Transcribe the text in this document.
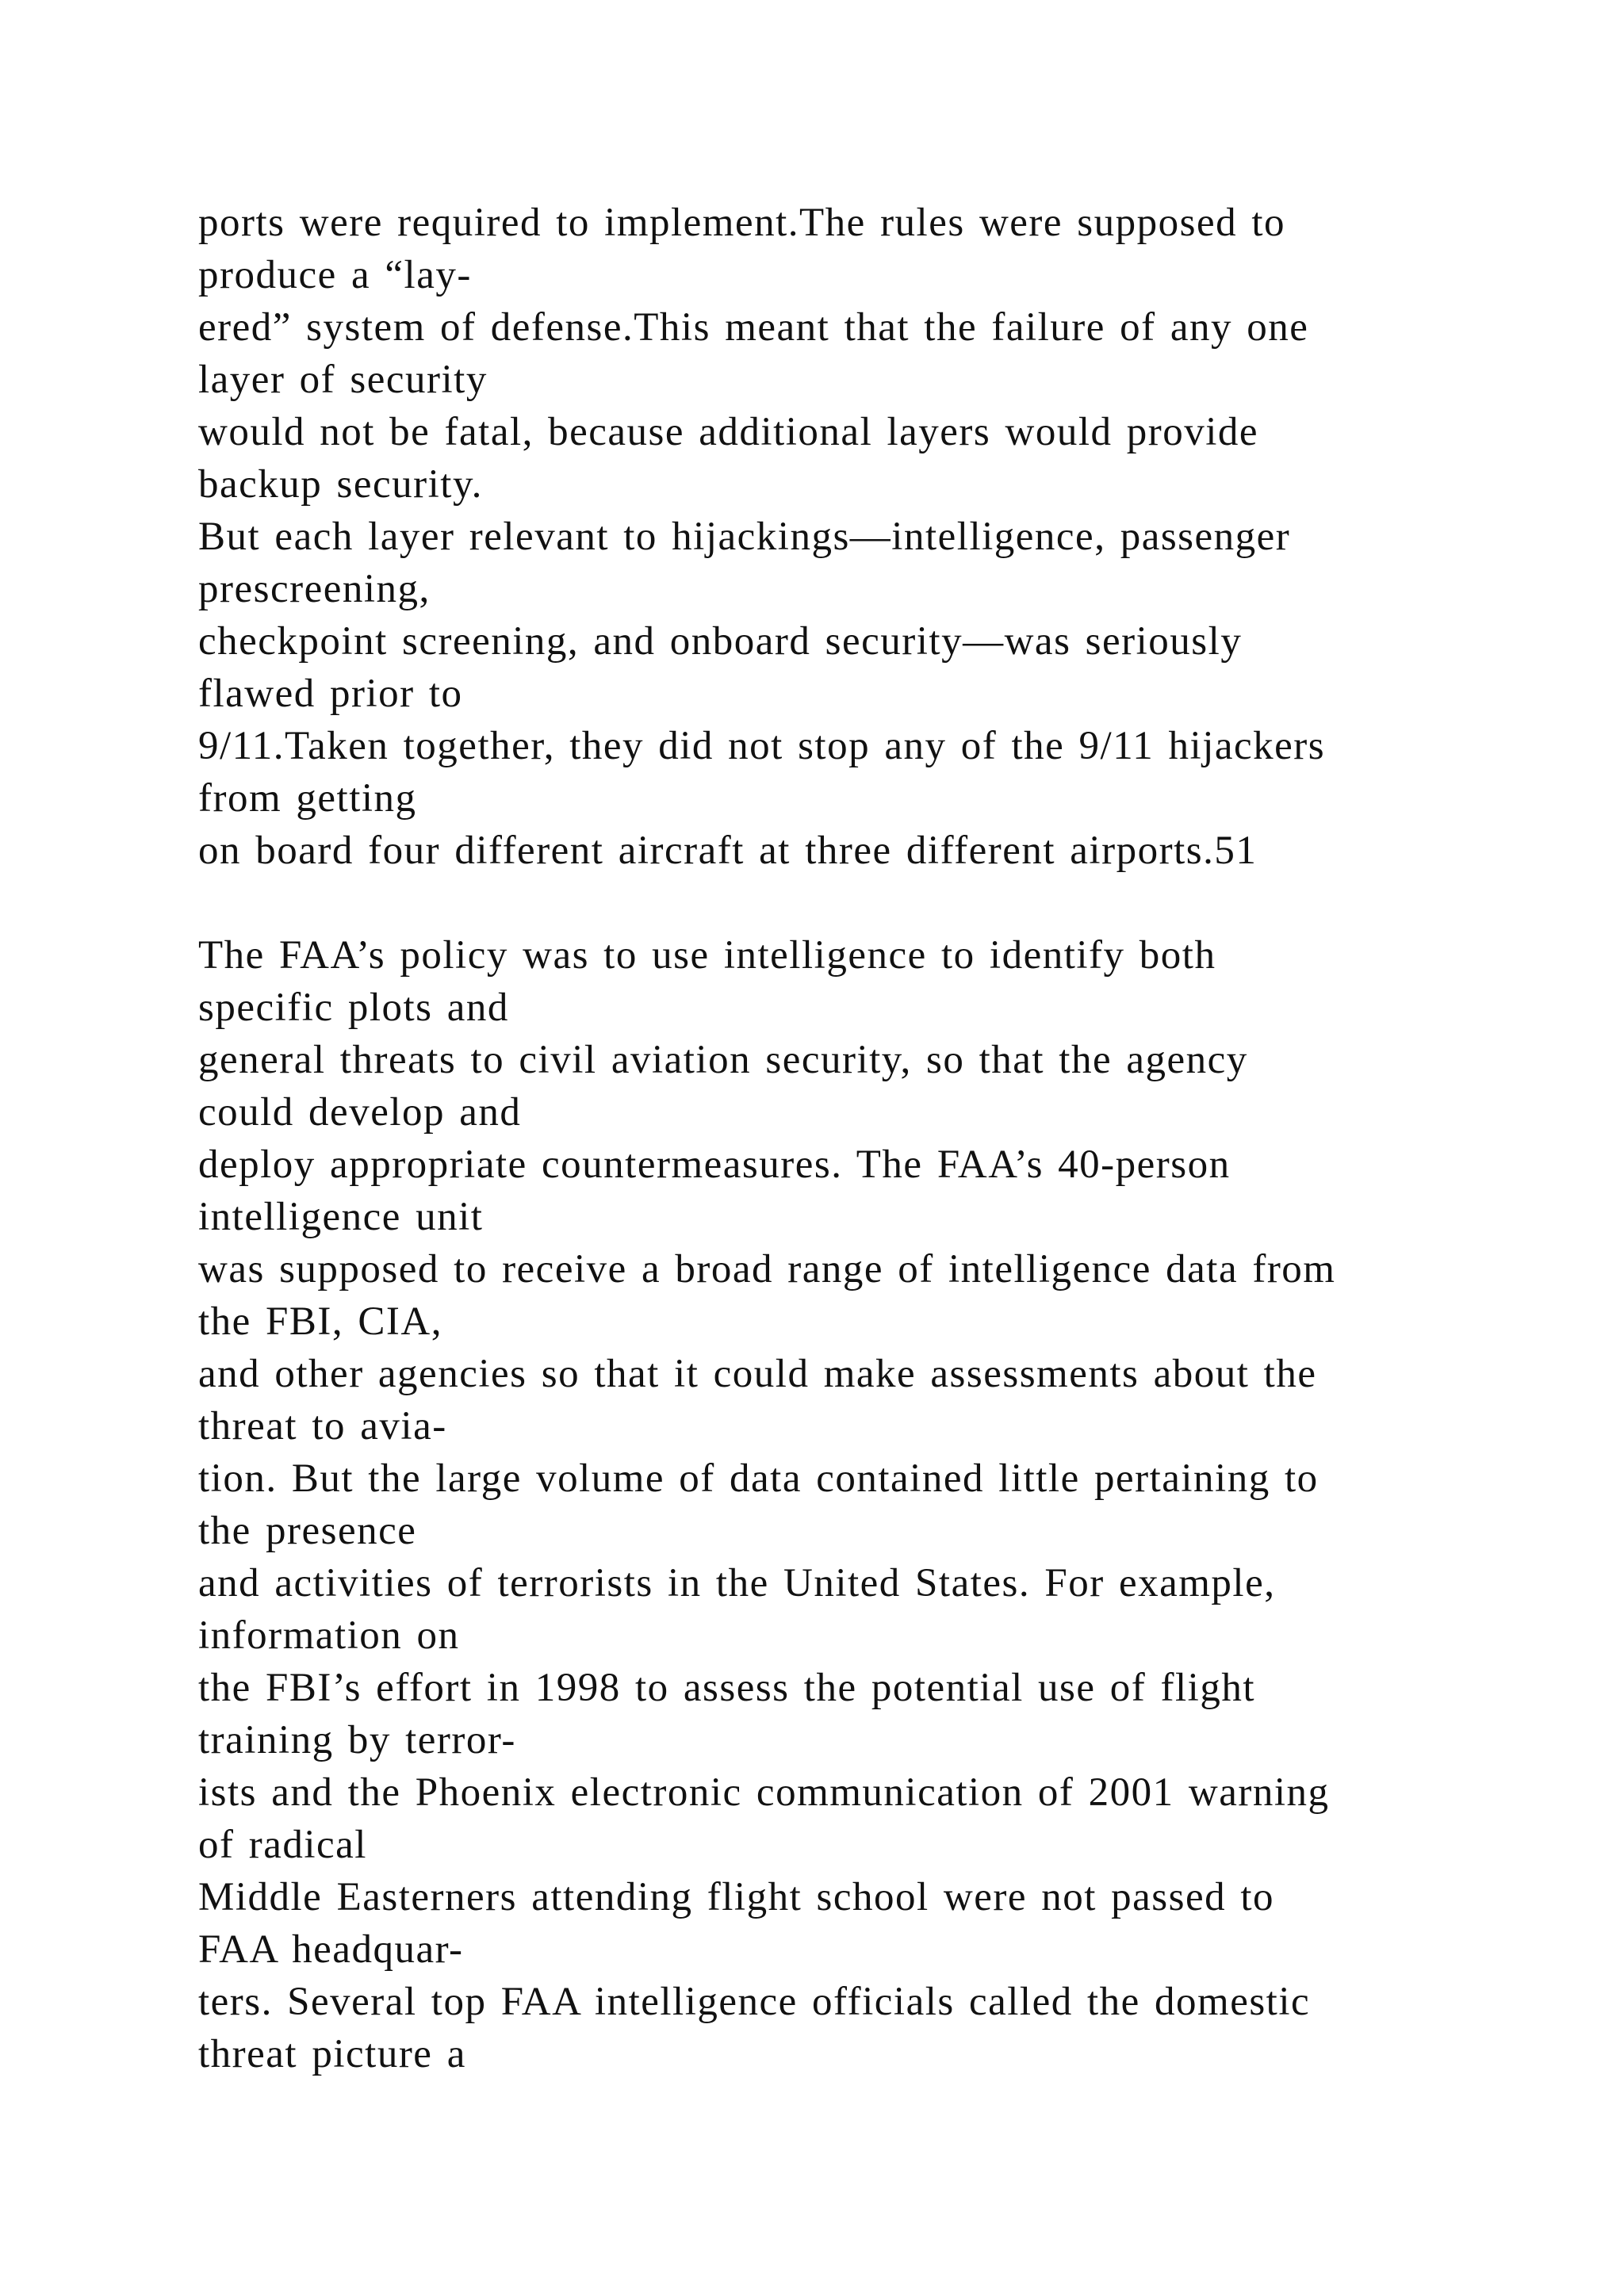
ports were required to implement.The rules were supposed to
produce a “lay-
ered” system of defense.This meant that the failure of any one
layer of security
would not be fatal, because additional layers would provide
backup security.
But each layer relevant to hijackings—intelligence, passenger
prescreening,
checkpoint screening, and onboard security—was seriously
flawed prior to
9/11.Taken together, they did not stop any of the 9/11 hijackers
from getting
on board four different aircraft at three different airports.51
The FAA’s policy was to use intelligence to identify both
specific plots and
general threats to civil aviation security, so that the agency
could develop and
deploy appropriate countermeasures. The FAA’s 40-person
intelligence unit
was supposed to receive a broad range of intelligence data from
the FBI, CIA,
and other agencies so that it could make assessments about the
threat to avia-
tion. But the large volume of data contained little pertaining to
the presence
and activities of terrorists in the United States. For example,
information on
the FBI’s effort in 1998 to assess the potential use of flight
training by terror-
ists and the Phoenix electronic communication of 2001 warning
of radical
Middle Easterners attending flight school were not passed to
FAA headquar-
ters. Several top FAA intelligence officials called the domestic
threat picture a
